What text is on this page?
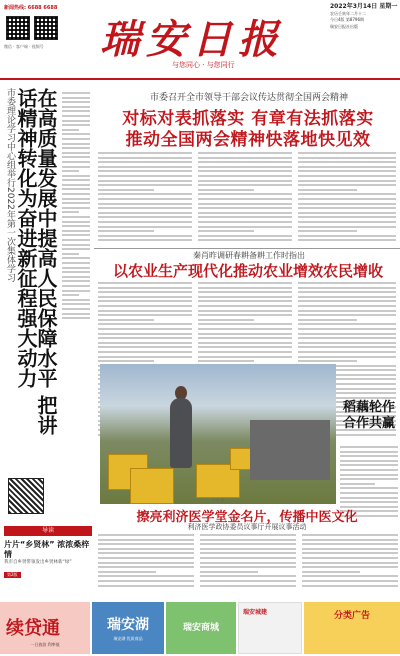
新闻热线: 6688 6688
微信 · 客户端 · 视频号	瑞安日报
与您同心 · 与您同行
2022年3月14日 星期一
农历壬寅年二月十二
今日4版 第8796期
瑞安日报社出版
市委理论学习中心组举行2022年第一次集体学习 在高质量发展中提高人民保障水平 把讲话精神转化为奋进新征程强大动力	市委召开全市领导干部会议传达贯彻全国两会精神
对标对表抓落实 有章有法抓落实
推动全国两会精神快落地快见效
秦肖昨调研春耕备耕工作时指出
以农业生产现代化推动农业增效农民增收
记者 摄
稻藕轮作 合作共赢
擦亮利济医学堂金名片，传播中医文化
利济医学政协委员议事厅开展议事活动
导读
片片“乡贤林” 浓浓桑梓情
我市自乡贤带领发出乡贤林新“绿”
第2版
续贷通
一日放款 利率低
瑞安湖
瑞安湖 优质商品
瑞安商城
瑞安城建	分类广告
